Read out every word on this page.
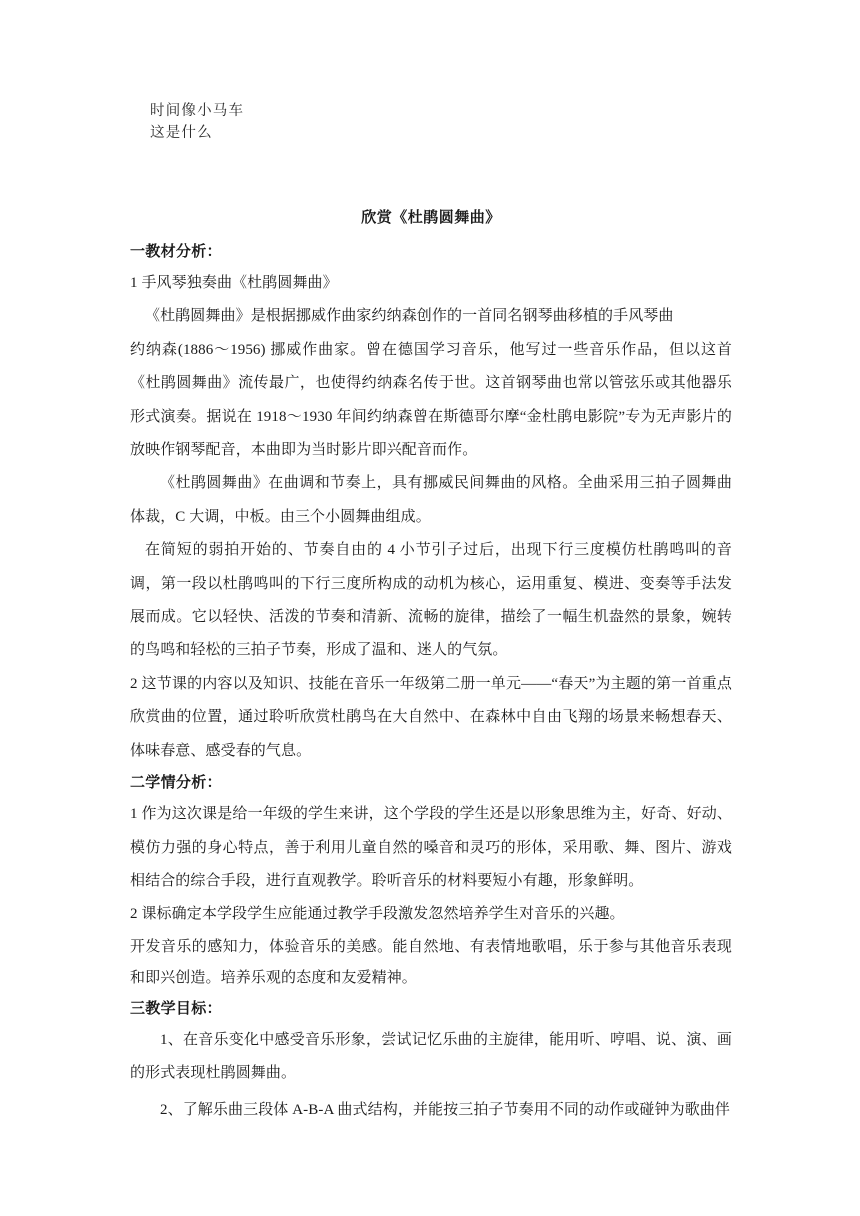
时间像小马车
这是什么
欣赏《杜鹃圆舞曲》
一教材分析：

1 手风琴独奏曲《杜鹃圆舞曲》

《杜鹃圆舞曲》是根据挪威作曲家约纳森创作的一首同名钢琴曲移植的手风琴曲

约纳森(1886～1956) 挪威作曲家。曾在德国学习音乐，他写过一些音乐作品，但以这首《杜鹃圆舞曲》流传最广，也使得约纳森名传于世。这首钢琴曲也常以管弦乐或其他器乐形式演奏。据说在 1918～1930 年间约纳森曾在斯德哥尔摩“金杜鹃电影院”专为无声影片的放映作钢琴配音，本曲即为当时影片即兴配音而作。

《杜鹃圆舞曲》在曲调和节奏上，具有挪威民间舞曲的风格。全曲采用三拍子圆舞曲体裁，C 大调，中板。由三个小圆舞曲组成。

在简短的弱拍开始的、节奏自由的 4 小节引子过后，出现下行三度模仿杜鹃鸣叫的音调，第一段以杜鹃鸣叫的下行三度所构成的动机为核心，运用重复、模进、变奏等手法发展而成。它以轻快、活泼的节奏和清新、流畅的旋律，描绘了一幅生机盎然的景象，婉转的鸟鸣和轻松的三拍子节奏，形成了温和、迷人的气氛。

2 这节课的内容以及知识、技能在音乐一年级第二册一单元——“春天”为主题的第一首重点欣赏曲的位置，通过聆听欣赏杜鹃鸟在大自然中、在森林中自由飞翔的场景来畅想春天、体味春意、感受春的气息。

二学情分析：

1 作为这次课是给一年级的学生来讲，这个学段的学生还是以形象思维为主，好奇、好动、模仿力强的身心特点，善于利用儿童自然的嗓音和灵巧的形体，采用歌、舞、图片、游戏相结合的综合手段，进行直观教学。聆听音乐的材料要短小有趣，形象鲜明。

2 课标确定本学段学生应能通过教学手段激发忽然培养学生对音乐的兴趣。

开发音乐的感知力，体验音乐的美感。能自然地、有表情地歌唱，乐于参与其他音乐表现和即兴创造。培养乐观的态度和友爱精神。

三教学目标：

1、在音乐变化中感受音乐形象，尝试记忆乐曲的主旋律，能用听、哼唱、说、演、画的形式表现杜鹃圆舞曲。

2、了解乐曲三段体 A-B-A 曲式结构，并能按三拍子节奏用不同的动作或碰钟为歌曲伴
